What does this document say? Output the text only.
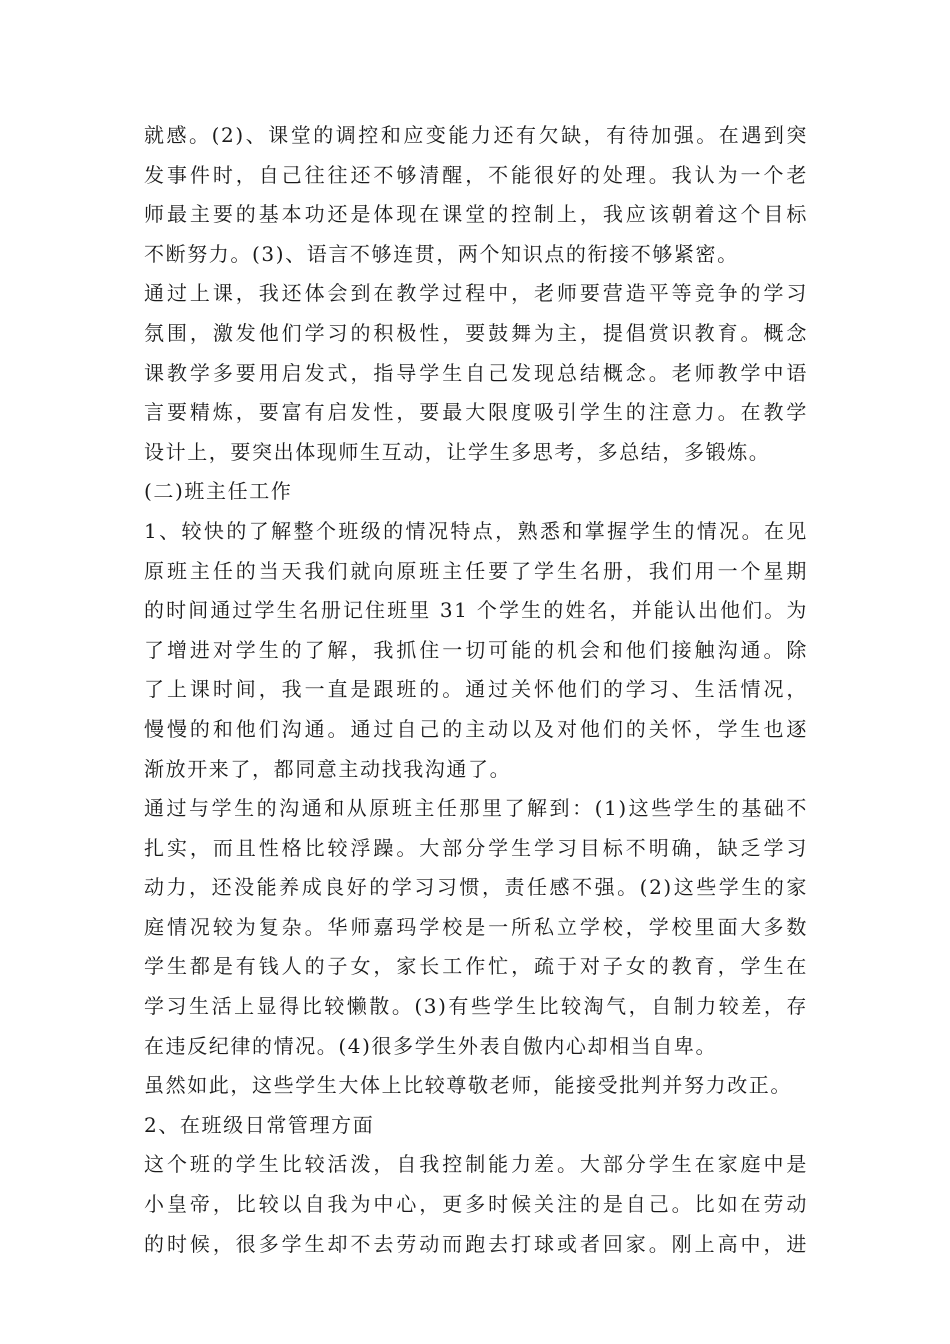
就感。(2)、课堂的调控和应变能力还有欠缺，有待加强。在遇到突
发事件时，自己往往还不够清醒，不能很好的处理。我认为一个老
师最主要的基本功还是体现在课堂的控制上，我应该朝着这个目标
不断努力。(3)、语言不够连贯，两个知识点的衔接不够紧密。
通过上课，我还体会到在教学过程中，老师要营造平等竞争的学习
氛围，激发他们学习的积极性，要鼓舞为主，提倡赏识教育。概念
课教学多要用启发式，指导学生自己发现总结概念。老师教学中语
言要精炼，要富有启发性，要最大限度吸引学生的注意力。在教学
设计上，要突出体现师生互动，让学生多思考，多总结，多锻炼。
(二)班主任工作
1、较快的了解整个班级的情况特点，熟悉和掌握学生的情况。在见
原班主任的当天我们就向原班主任要了学生名册，我们用一个星期
的时间通过学生名册记住班里 31 个学生的姓名，并能认出他们。为
了增进对学生的了解，我抓住一切可能的机会和他们接触沟通。除
了上课时间，我一直是跟班的。通过关怀他们的学习、生活情况，
慢慢的和他们沟通。通过自己的主动以及对他们的关怀，学生也逐
渐放开来了，都同意主动找我沟通了。
通过与学生的沟通和从原班主任那里了解到：(1)这些学生的基础不
扎实，而且性格比较浮躁。大部分学生学习目标不明确，缺乏学习
动力，还没能养成良好的学习习惯，责任感不强。(2)这些学生的家
庭情况较为复杂。华师嘉玛学校是一所私立学校，学校里面大多数
学生都是有钱人的子女，家长工作忙，疏于对子女的教育，学生在
学习生活上显得比较懒散。(3)有些学生比较淘气，自制力较差，存
在违反纪律的情况。(4)很多学生外表自傲内心却相当自卑。
虽然如此，这些学生大体上比较尊敬老师，能接受批判并努力改正。
2、在班级日常管理方面
这个班的学生比较活泼，自我控制能力差。大部分学生在家庭中是
小皇帝，比较以自我为中心，更多时候关注的是自己。比如在劳动
的时候，很多学生却不去劳动而跑去打球或者回家。刚上高中，进
